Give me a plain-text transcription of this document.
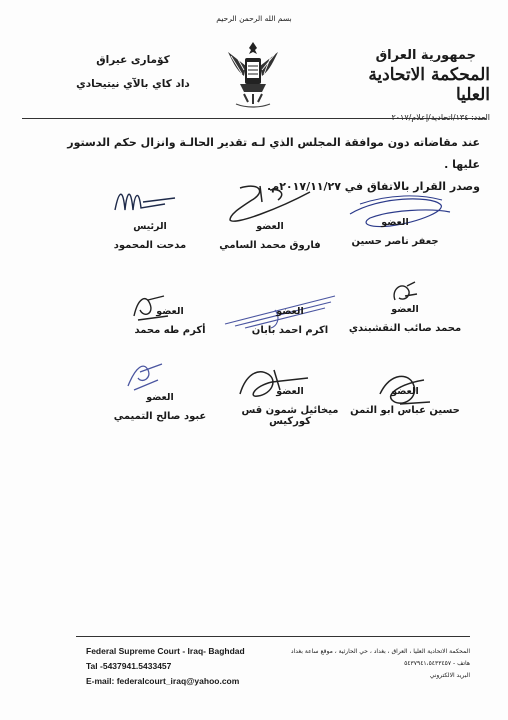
بسم الله الرحمن الرحيم
جمهورية العراق
المحكمة الاتحادية العليا
العدد: ١٣٤/اتحادية/إعلام/٢٠١٧
كوٚماری عیراق
داد كاي بالآي نيتيحادي
عند مقاضاته دون موافقة المجلس الذي لـه تقدير الحالـة وانزال حكم الدستور عليها .
وصدر القرار بالاتفاق في ٢٠١٧/١١/٢٧م.
العضو
جعفر ناصر حسين
العضو
فاروق محمد السامي
الرئيس
مدحت المحمود
العضو
محمد صائب النقشبندي
العضو
اكرم احمد بابان
العضو
أكرم طه محمد
العضو
حسين عباس ابو التمن
العضو
ميخائيل شمون قس كوركيس
العضو
عبود صالح التميمي
Federal Supreme Court - Iraq- Baghdad
Tal -5437941.5433457
E-mail: federalcourt_iraq@yahoo.com
المحكمة الاتحادية العليا ، العراق ، بغداد ، حي الحارثية ، موقع ساعة بغداد
هاتف - ٥٤٣٧٩٤١،٥٤٣٣٤٥٧
البريد الالكتروني
